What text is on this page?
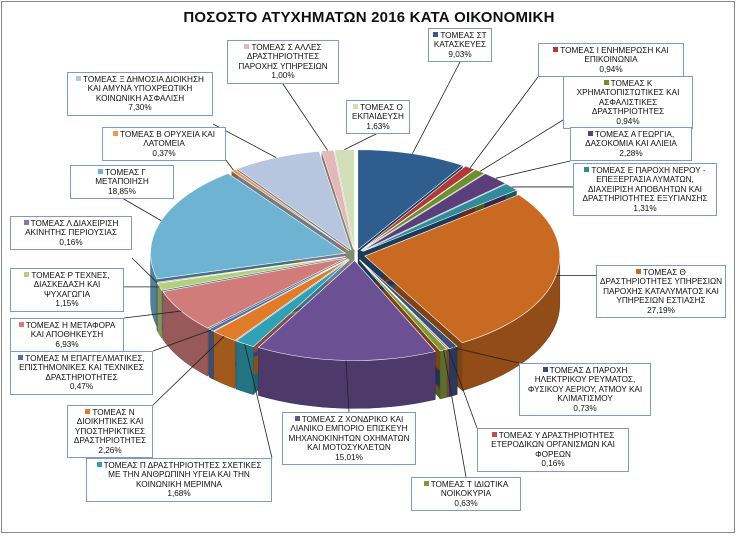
ΠΟΣΟΣΤΟ ΑΤΥΧΗΜΑΤΩΝ 2016 ΚΑΤΑ ΟΙΚΟΝΟΜΙΚΗ
ΤΟΜΕΑΣ ΣΤ ΚΑΤΑΣΚΕΥΕΣ
9,03%	ΤΟΜΕΑΣ Ι ΕΝΗΜΕΡΩΣΗ ΚΑΙ ΕΠΙΚΟΙΝΩΝΙΑ
0,94%
ΤΟΜΕΑΣ Κ ΧΡΗΜΑΤΟΠΙΣΤΩΤΙΚΕΣ ΚΑΙ ΑΣΦΑΛΙΣΤΙΚΕΣ ΔΡΑΣΤΗΡΙΟΤΗΤΕΣ
0,94%
ΤΟΜΕΑΣ Α ΓΕΩΡΓΙΑ, ΔΑΣΟΚΟΜΙΑ ΚΑΙ ΑΛΙΕΙΑ
2,28%
ΤΟΜΕΑΣ Ε ΠΑΡΟΧΗ ΝΕΡΟΥ - ΕΠΕΞΕΡΓΑΣΙΑ ΛΥΜΑΤΩΝ, ΔΙΑΧΕΙΡΙΣΗ ΑΠΟΒΛΗΤΩΝ ΚΑΙ ΔΡΑΣΤΗΡΙΟΤΗΤΕΣ ΕΞΥΓΙΑΝΣΗΣ
1,31%
ΤΟΜΕΑΣ Θ ΔΡΑΣΤΗΡΙΟΤΗΤΕΣ ΥΠΗΡΕΣΙΩΝ ΠΑΡΟΧΗΣ ΚΑΤΑΛΥΜΑΤΟΣ ΚΑΙ ΥΠΗΡΕΣΙΩΝ ΕΣΤΙΑΣΗΣ
27,19%
ΤΟΜΕΑΣ Δ ΠΑΡΟΧΗ ΗΛΕΚΤΡΙΚΟΥ ΡΕΥΜΑΤΟΣ, ΦΥΣΙΚΟΥ ΑΕΡΙΟΥ, ΑΤΜΟΥ ΚΑΙ ΚΛΙΜΑΤΙΣΜΟΥ
0,73%
ΤΟΜΕΑΣ Υ ΔΡΑΣΤΗΡΙΟΤΗΤΕΣ ΕΤΕΡΟΔΙΚΩΝ ΟΡΓΑΝΙΣΜΩΝ ΚΑΙ ΦΟΡΕΩΝ
0,16%
ΤΟΜΕΑΣ Τ ΙΔΙΩΤΙΚΑ ΝΟΙΚΟΚΥΡΙΑ
0,63%
ΤΟΜΕΑΣ Ζ ΧΟΝΔΡΙΚΟ ΚΑΙ ΛΙΑΝΙΚΟ ΕΜΠΟΡΙΟ ΕΠΙΣΚΕΥΗ ΜΗΧΑΝΟΚΙΝΗΤΩΝ ΟΧΗΜΑΤΩΝ ΚΑΙ ΜΟΤΟΣΥΚΛΕΤΩΝ
15,01%
ΤΟΜΕΑΣ Π ΔΡΑΣΤΗΡΙΟΤΗΤΕΣ ΣΧΕΤΙΚΕΣ ΜΕ ΤΗΝ ΑΝΘΡΩΠΙΝΗ ΥΓΕΙΑ ΚΑΙ ΤΗΝ ΚΟΙΝΩΝΙΚΗ ΜΕΡΙΜΝΑ
1,68%
ΤΟΜΕΑΣ Ν ΔΙΟΙΚΗΤΙΚΕΣ ΚΑΙ ΥΠΟΣΤΗΡΙΚΤΙΚΕΣ ΔΡΑΣΤΗΡΙΟΤΗΤΕΣ
2,26%
ΤΟΜΕΑΣ Μ ΕΠΑΓΓΕΛΜΑΤΙΚΕΣ, ΕΠΙΣΤΗΜΟΝΙΚΕΣ ΚΑΙ ΤΕΧΝΙΚΕΣ ΔΡΑΣΤΗΡΙΟΤΗΤΕΣ
0,47%
ΤΟΜΕΑΣ Η ΜΕΤΑΦΟΡΑ ΚΑΙ ΑΠΟΘΗΚΕΥΣΗ
6,93%
ΤΟΜΕΑΣ Ρ ΤΕΧΝΕΣ, ΔΙΑΣΚΕΔΑΣΗ ΚΑΙ ΨΥΧΑΓΩΓΙΑ
1,15%
ΤΟΜΕΑΣ Λ ΔΙΑΧΕΙΡΙΣΗ ΑΚΙΝΗΤΗΣ ΠΕΡΙΟΥΣΙΑΣ
0,16%
ΤΟΜΕΑΣ Γ ΜΕΤΑΠΟΙΗΣΗ
18,85%
ΤΟΜΕΑΣ Β ΟΡΥΧΕΙΑ ΚΑΙ ΛΑΤΟΜΕΙΑ
0,37%
ΤΟΜΕΑΣ Ξ ΔΗΜΟΣΙΑ ΔΙΟΙΚΗΣΗ ΚΑΙ ΑΜΥΝΑ ΥΠΟΧΡΕΩΤΙΚΗ ΚΟΙΝΩΝΙΚΗ ΑΣΦΑΛΙΣΗ
7,30%
ΤΟΜΕΑΣ Σ ΑΛΛΕΣ ΔΡΑΣΤΗΡΙΟΤΗΤΕΣ ΠΑΡΟΧΗΣ ΥΠΗΡΕΣΙΩΝ
1,00%
ΤΟΜΕΑΣ Ο ΕΚΠΑΙΔΕΥΣΗ
1,63%
